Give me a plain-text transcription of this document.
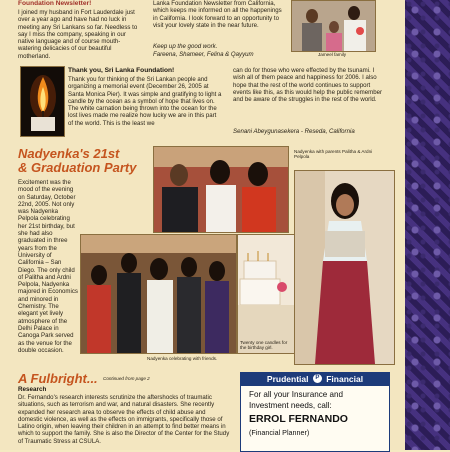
Foundation Newsletter!

I joined my husband in Fort Lauderdale just over a year ago and have had no luck in meeting any Sri Lankans so far. Needless to say I miss the company, speaking in our native language and of course mouth-watering delicacies of our beautiful motherland.

Lanka Foundation Newsletter from California, which keeps me informed on all the happenings in California. I look forward to an opportunity to visit your lovely state in the near future.

Keep up the good work.

Fareena, Shameer, Felina & Qayyum	Jameel family
Thank you, Sri Lanka Foundation!

Thank you for thinking of the Sri Lankan people and organizing a memorial event (December 26, 2005 at Santa Monica Pier). It was simple and gratifying to light a candle by the ocean as a symbol of hope that lives on. The white carnation being thrown into the ocean for the lost lives made me realize how lucky we are in this part of the world. This is the least we

can do for those who were effected by the tsunami. I wish all of them peace and happiness for 2006. I also hope that the rest of the world continues to support events like this, as this would help the public remember and be aware of the struggles in the rest of the world.

Senani Abeygunasekera - Reseda, California

Nadyenka's 21st
& Graduation Party

Excitement was the mood of the evening on Saturday, October 22nd, 2005. Not only was Nadyenka Pelpola celebrating her 21st birthday, but she had also graduated in three years from the University of California – San Diego. The only child of Palitha and Ardni Pelpola, Nadyenka majored in Economics and minored in Chemistry. The elegant yet lively atmosphere of the Delhi Palace in Canoga Park served as the venue for the double occasion.

Nadyenka with parents Palitha & Ardni Pelpola
Nadyenka celebrating with friends.
Twenty one candles for the birthday girl.
A Fulbright... Continued from page 2
Research

Dr. Fernando's research interests scrutinize the aftershocks of traumatic situations, such as terrorism and war, and natural disasters. She recently expanded her research area to observe the effects of child abuse and domestic violence, as well as the effects on immigrants, specifically those of Latino origin, when leaving their children in an attempt to find better means in which to support the family. She is also the Director of the Center for the Study of Traumatic Stress at CSULA.

Prudential P Financial
For all your Insurance and
Investment needs, call:
ERROL FERNANDO
(Financial Planner)
